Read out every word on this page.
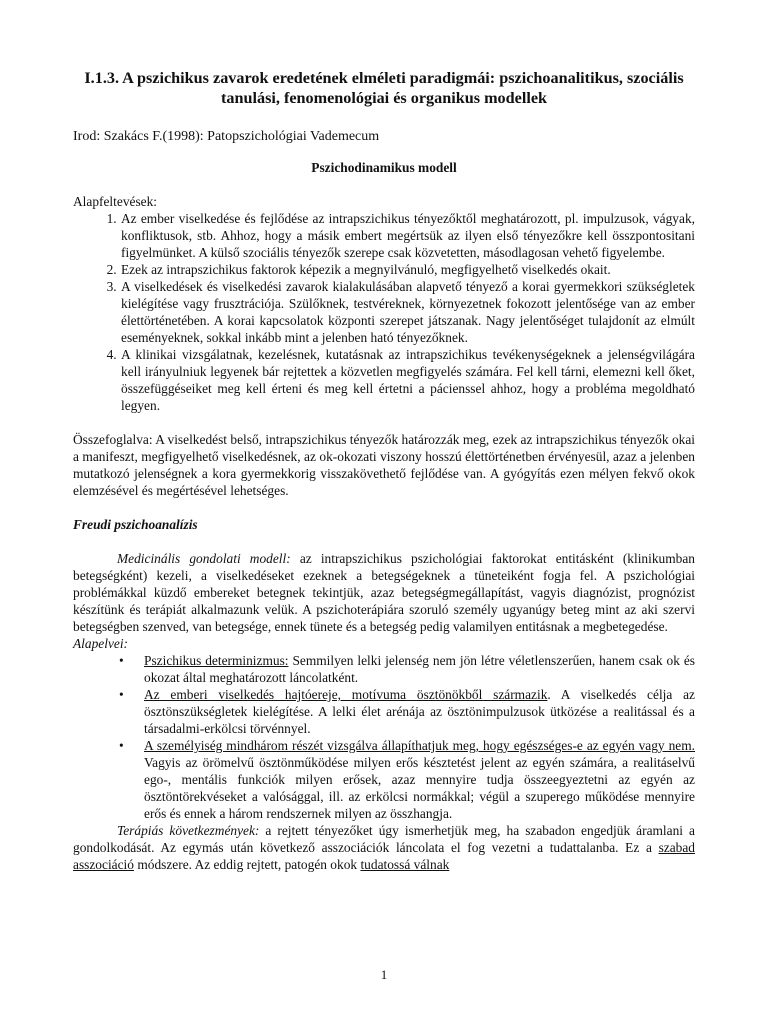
I.1.3. A pszichikus zavarok eredetének elméleti paradigmái: pszichoanalitikus, szociális tanulási, fenomenológiai és organikus modellek

Irod: Szakács F.(1998): Patopszichológiai Vademecum

Pszichodinamikus modell

Alapfeltevések:

1. Az ember viselkedése és fejlődése az intrapszichikus tényezőktől meghatározott, pl. impulzusok, vágyak, konfliktusok, stb. Ahhoz, hogy a másik embert megértsük az ilyen első tényezőkre kell összpontositani figyelmünket. A külső szociális tényezők szerepe csak közvetetten, másodlagosan vehető figyelembe.
2. Ezek az intrapszichikus faktorok képezik a megnyilvánuló, megfigyelhető viselkedés okait.
3. A viselkedések és viselkedési zavarok kialakulásában alapvető tényező a korai gyermekkori szükségletek kielégítése vagy frusztrációja. Szülőknek, testvéreknek, környezetnek fokozott jelentősége van az ember élettörténetében. A korai kapcsolatok központi szerepet játszanak. Nagy jelentőséget tulajdonít az elmúlt eseményeknek, sokkal inkább mint a jelenben ható tényezőknek.
4. A klinikai vizsgálatnak, kezelésnek, kutatásnak az intrapszichikus tevékenységeknek a jelenségvilágára kell irányulniuk legyenek bár rejtettek a közvetlen megfigyelés számára. Fel kell tárni, elemezni kell őket, összefüggéseiket meg kell érteni és meg kell értetni a pácienssel ahhoz, hogy a probléma megoldható legyen.

Összefoglalva: A viselkedést belső, intrapszichikus tényezők határozzák meg, ezek az intrapszichikus tényezők okai a manifeszt, megfigyelhető viselkedésnek, az ok-okozati viszony hosszú élettörténetben érvényesül, azaz a jelenben mutatkozó jelenségnek a kora gyermekkorig visszakövethető fejlődése van. A gyógyítás ezen mélyen fekvő okok elemzésével és megértésével lehetséges.

Freudi pszichoanalízis

Medicinális gondolati modell: az intrapszichikus pszichológiai faktorokat entitásként (klinikumban betegségként) kezeli, a viselkedéseket ezeknek a betegségeknek a tüneteiként fogja fel. A pszichológiai problémákkal küzdő embereket betegnek tekintjük, azaz betegségmegállapítást, vagyis diagnózist, prognózist készítünk és terápiát alkalmazunk velük. A pszichoterápiára szoruló személy ugyanúgy beteg mint az aki szervi betegségben szenved, van betegsége, ennek tünete és a betegség pedig valamilyen entitásnak a megbetegedése.

Alapelvei:

• Pszichikus determinizmus: Semmilyen lelki jelenség nem jön létre véletlenszerűen, hanem csak ok és okozat által meghatározott láncolatként.
• Az emberi viselkedés hajtóereje, motívuma ösztönökből származik. A viselkedés célja az ösztönszükségletek kielégítése. A lelki élet arénája az ösztönimpulzusok ütközése a realitással és a társadalmi-erkölcsi törvénnyel.
• A személyiség mindhárom részét vizsgálva állapíthatjuk meg, hogy egészséges-e az egyén vagy nem. Vagyis az örömelvű ösztönműködése milyen erős késztetést jelent az egyén számára, a realitáselvű ego-, mentális funkciók milyen erősek, azaz mennyire tudja összeegyeztetni az egyén az ösztöntörekvéseket a valósággal, ill. az erkölcsi normákkal; végül a szuperego működése mennyire erős és ennek a három rendszernek milyen az összhangja.

Terápiás következmények: a rejtett tényezőket úgy ismerhetjük meg, ha szabadon engedjük áramlani a gondolkodását. Az egymás után következő asszociációk láncolata el fog vezetni a tudattalanba. Ez a szabad asszociáció módszere. Az eddig rejtett, patogén okok tudatossá válnak

1
